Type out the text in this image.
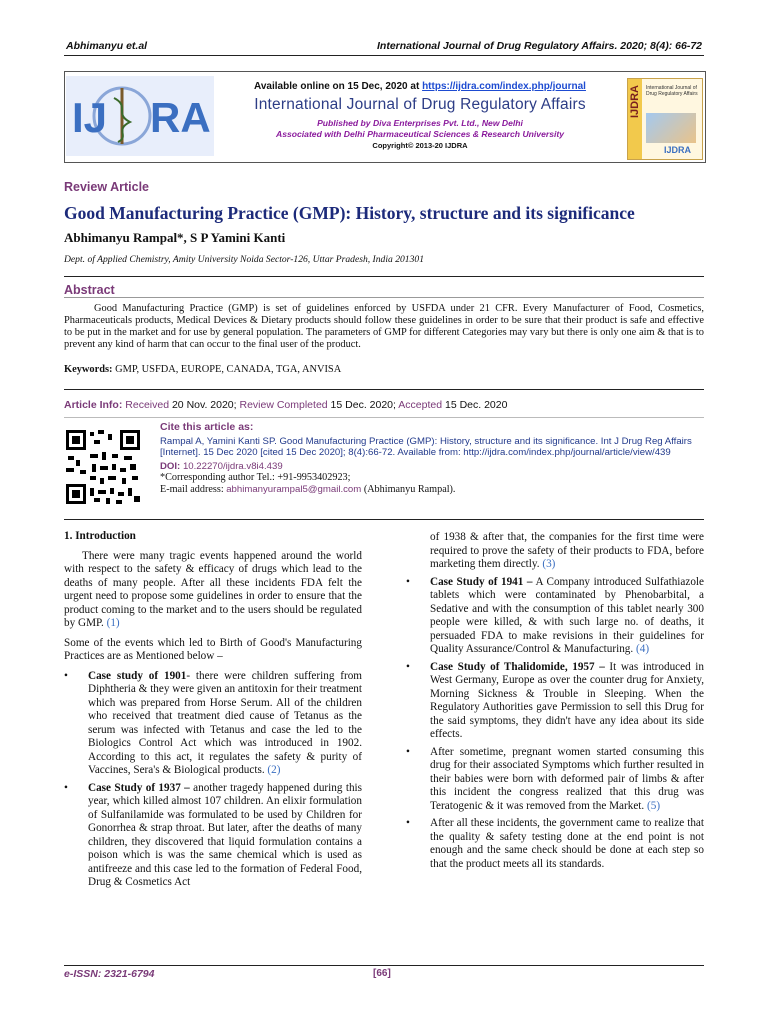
Abhimanyu et.al	International Journal of Drug Regulatory Affairs. 2020; 8(4): 66-72
IJ RA
Available online on 15 Dec, 2020 at https://ijdra.com/index.php/journal
International Journal of Drug Regulatory Affairs
Published by Diva Enterprises Pvt. Ltd., New Delhi
Associated with Delhi Pharmaceutical Sciences & Research University
Copyright© 2013-20 IJDRA
IJDRA International Journal of Drug Regulatory Affairs
IJDRA
Review Article
Good Manufacturing Practice (GMP): History, structure and its significance
Abhimanyu Rampal*, S P Yamini Kanti
Dept. of Applied Chemistry, Amity University Noida Sector-126, Uttar Pradesh, India 201301
Abstract
Good Manufacturing Practice (GMP) is set of guidelines enforced by USFDA under 21 CFR. Every Manufacturer of Food, Cosmetics, Pharmaceuticals products, Medical Devices & Dietary products should follow these guidelines in order to be sure that their product is safe and effective to be put in the market and for use by general population. The parameters of GMP for different Categories may vary but there is only one aim & that is to prevent any kind of harm that can occur to the final user of the product.
Keywords: GMP, USFDA, EUROPE, CANADA, TGA, ANVISA
Article Info: Received 20 Nov. 2020; Review Completed 15 Dec. 2020; Accepted 15 Dec. 2020
Cite this article as:
Rampal A, Yamini Kanti SP. Good Manufacturing Practice (GMP): History, structure and its significance. Int J Drug Reg Affairs [Internet]. 15 Dec 2020 [cited 15 Dec 2020]; 8(4):66-72. Available from: http://ijdra.com/index.php/journal/article/view/439
DOI: 10.22270/ijdra.v8i4.439
*Corresponding author Tel.: +91-9953402923;
E-mail address: abhimanyurampal5@gmail.com (Abhimanyu Rampal).
1. Introduction

There were many tragic events happened around the world with respect to the safety & efficacy of drugs which lead to the deaths of many people. After all these incidents FDA felt the urgent need to propose some guidelines in order to ensure that the product coming to the market and to the users should be regulated by GMP. (1)

Some of the events which led to Birth of Good's Manufacturing Practices are as Mentioned below –

• Case study of 1901- there were children suffering from Diphtheria & they were given an antitoxin for their treatment which was prepared from Horse Serum. All of the children who received that treatment died cause of Tetanus as the serum was infected with Tetanus and case the led to the Biologics Control Act which was introduced in 1902. According to this act, it regulates the safety & purity of Vaccines, Sera's & Biological products. (2)
• Case Study of 1937 – another tragedy happened during this year, which killed almost 107 children. An elixir formulation of Sulfanilamide was formulated to be used by Children for Gonorrhea & strap throat. But later, after the deaths of many children, they discovered that liquid formulation contains a poison which is was the same chemical which is used as antifreeze and this case led to the formation of Federal Food, Drug & Cosmetics Act

of 1938 & after that, the companies for the first time were required to prove the safety of their products to FDA, before marketing them directly. (3)

• Case Study of 1941 – A Company introduced Sulfathiazole tablets which were contaminated by Phenobarbital, a Sedative and with the consumption of this tablet nearly 300 people were killed, & with such large no. of deaths, it persuaded FDA to make revisions in their guidelines for Quality Assurance/Control & Manufacturing. (4)
• Case Study of Thalidomide, 1957 – It was introduced in West Germany, Europe as over the counter drug for Anxiety, Morning Sickness & Trouble in Sleeping. When the Regulatory Authorities gave Permission to sell this Drug for the said symptoms, they didn't have any idea about its side effects.
• After sometime, pregnant women started consuming this drug for their associated Symptoms which further resulted in their babies were born with deformed pair of limbs & after this incident the congress realized that this drug was Teratogenic & it was removed from the Market. (5)
• After all these incidents, the government came to realize that the quality & safety testing done at the end point is not enough and the same check should be done at each step so that the product meets all its standards.
e-ISSN: 2321-6794	[66]
